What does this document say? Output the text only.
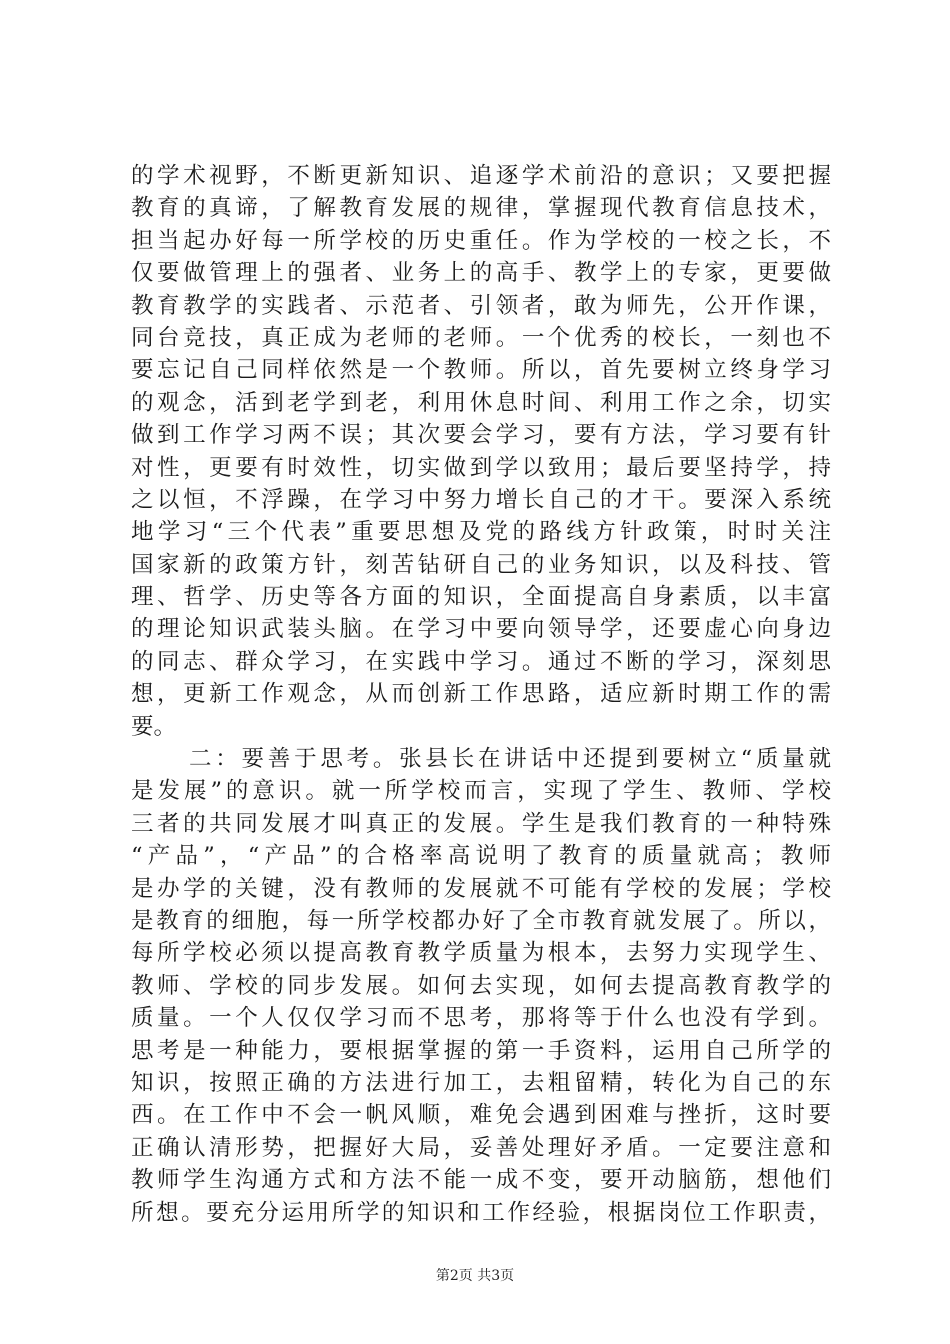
的学术视野，不断更新知识、追逐学术前沿的意识；又要把握
教育的真谛，了解教育发展的规律，掌握现代教育信息技术，
担当起办好每一所学校的历史重任。作为学校的一校之长，不
仅要做管理上的强者、业务上的高手、教学上的专家，更要做
教育教学的实践者、示范者、引领者，敢为师先，公开作课，
同台竞技，真正成为老师的老师。一个优秀的校长，一刻也不
要忘记自己同样依然是一个教师。所以，首先要树立终身学习
的观念，活到老学到老，利用休息时间、利用工作之余，切实
做到工作学习两不误；其次要会学习，要有方法，学习要有针
对性，更要有时效性，切实做到学以致用；最后要坚持学，持
之以恒，不浮躁，在学习中努力增长自己的才干。要深入系统
地学习“三个代表”重要思想及党的路线方针政策，时时关注
国家新的政策方针，刻苦钻研自己的业务知识，以及科技、管
理、哲学、历史等各方面的知识，全面提高自身素质，以丰富
的理论知识武装头脑。在学习中要向领导学，还要虚心向身边
的同志、群众学习，在实践中学习。通过不断的学习，深刻思
想，更新工作观念，从而创新工作思路，适应新时期工作的需
要。
二：要善于思考。张县长在讲话中还提到要树立“质量就
是发展”的意识。就一所学校而言，实现了学生、教师、学校
三者的共同发展才叫真正的发展。学生是我们教育的一种特殊
“产品”，“产品”的合格率高说明了教育的质量就高；教师
是办学的关键，没有教师的发展就不可能有学校的发展；学校
是教育的细胞，每一所学校都办好了全市教育就发展了。所以，
每所学校必须以提高教育教学质量为根本，去努力实现学生、
教师、学校的同步发展。如何去实现，如何去提高教育教学的
质量。一个人仅仅学习而不思考，那将等于什么也没有学到。
思考是一种能力，要根据掌握的第一手资料，运用自己所学的
知识，按照正确的方法进行加工，去粗留精，转化为自己的东
西。在工作中不会一帆风顺，难免会遇到困难与挫折，这时要
正确认清形势，把握好大局，妥善处理好矛盾。一定要注意和
教师学生沟通方式和方法不能一成不变，要开动脑筋，想他们
所想。要充分运用所学的知识和工作经验，根据岗位工作职责，
第2页 共3页
